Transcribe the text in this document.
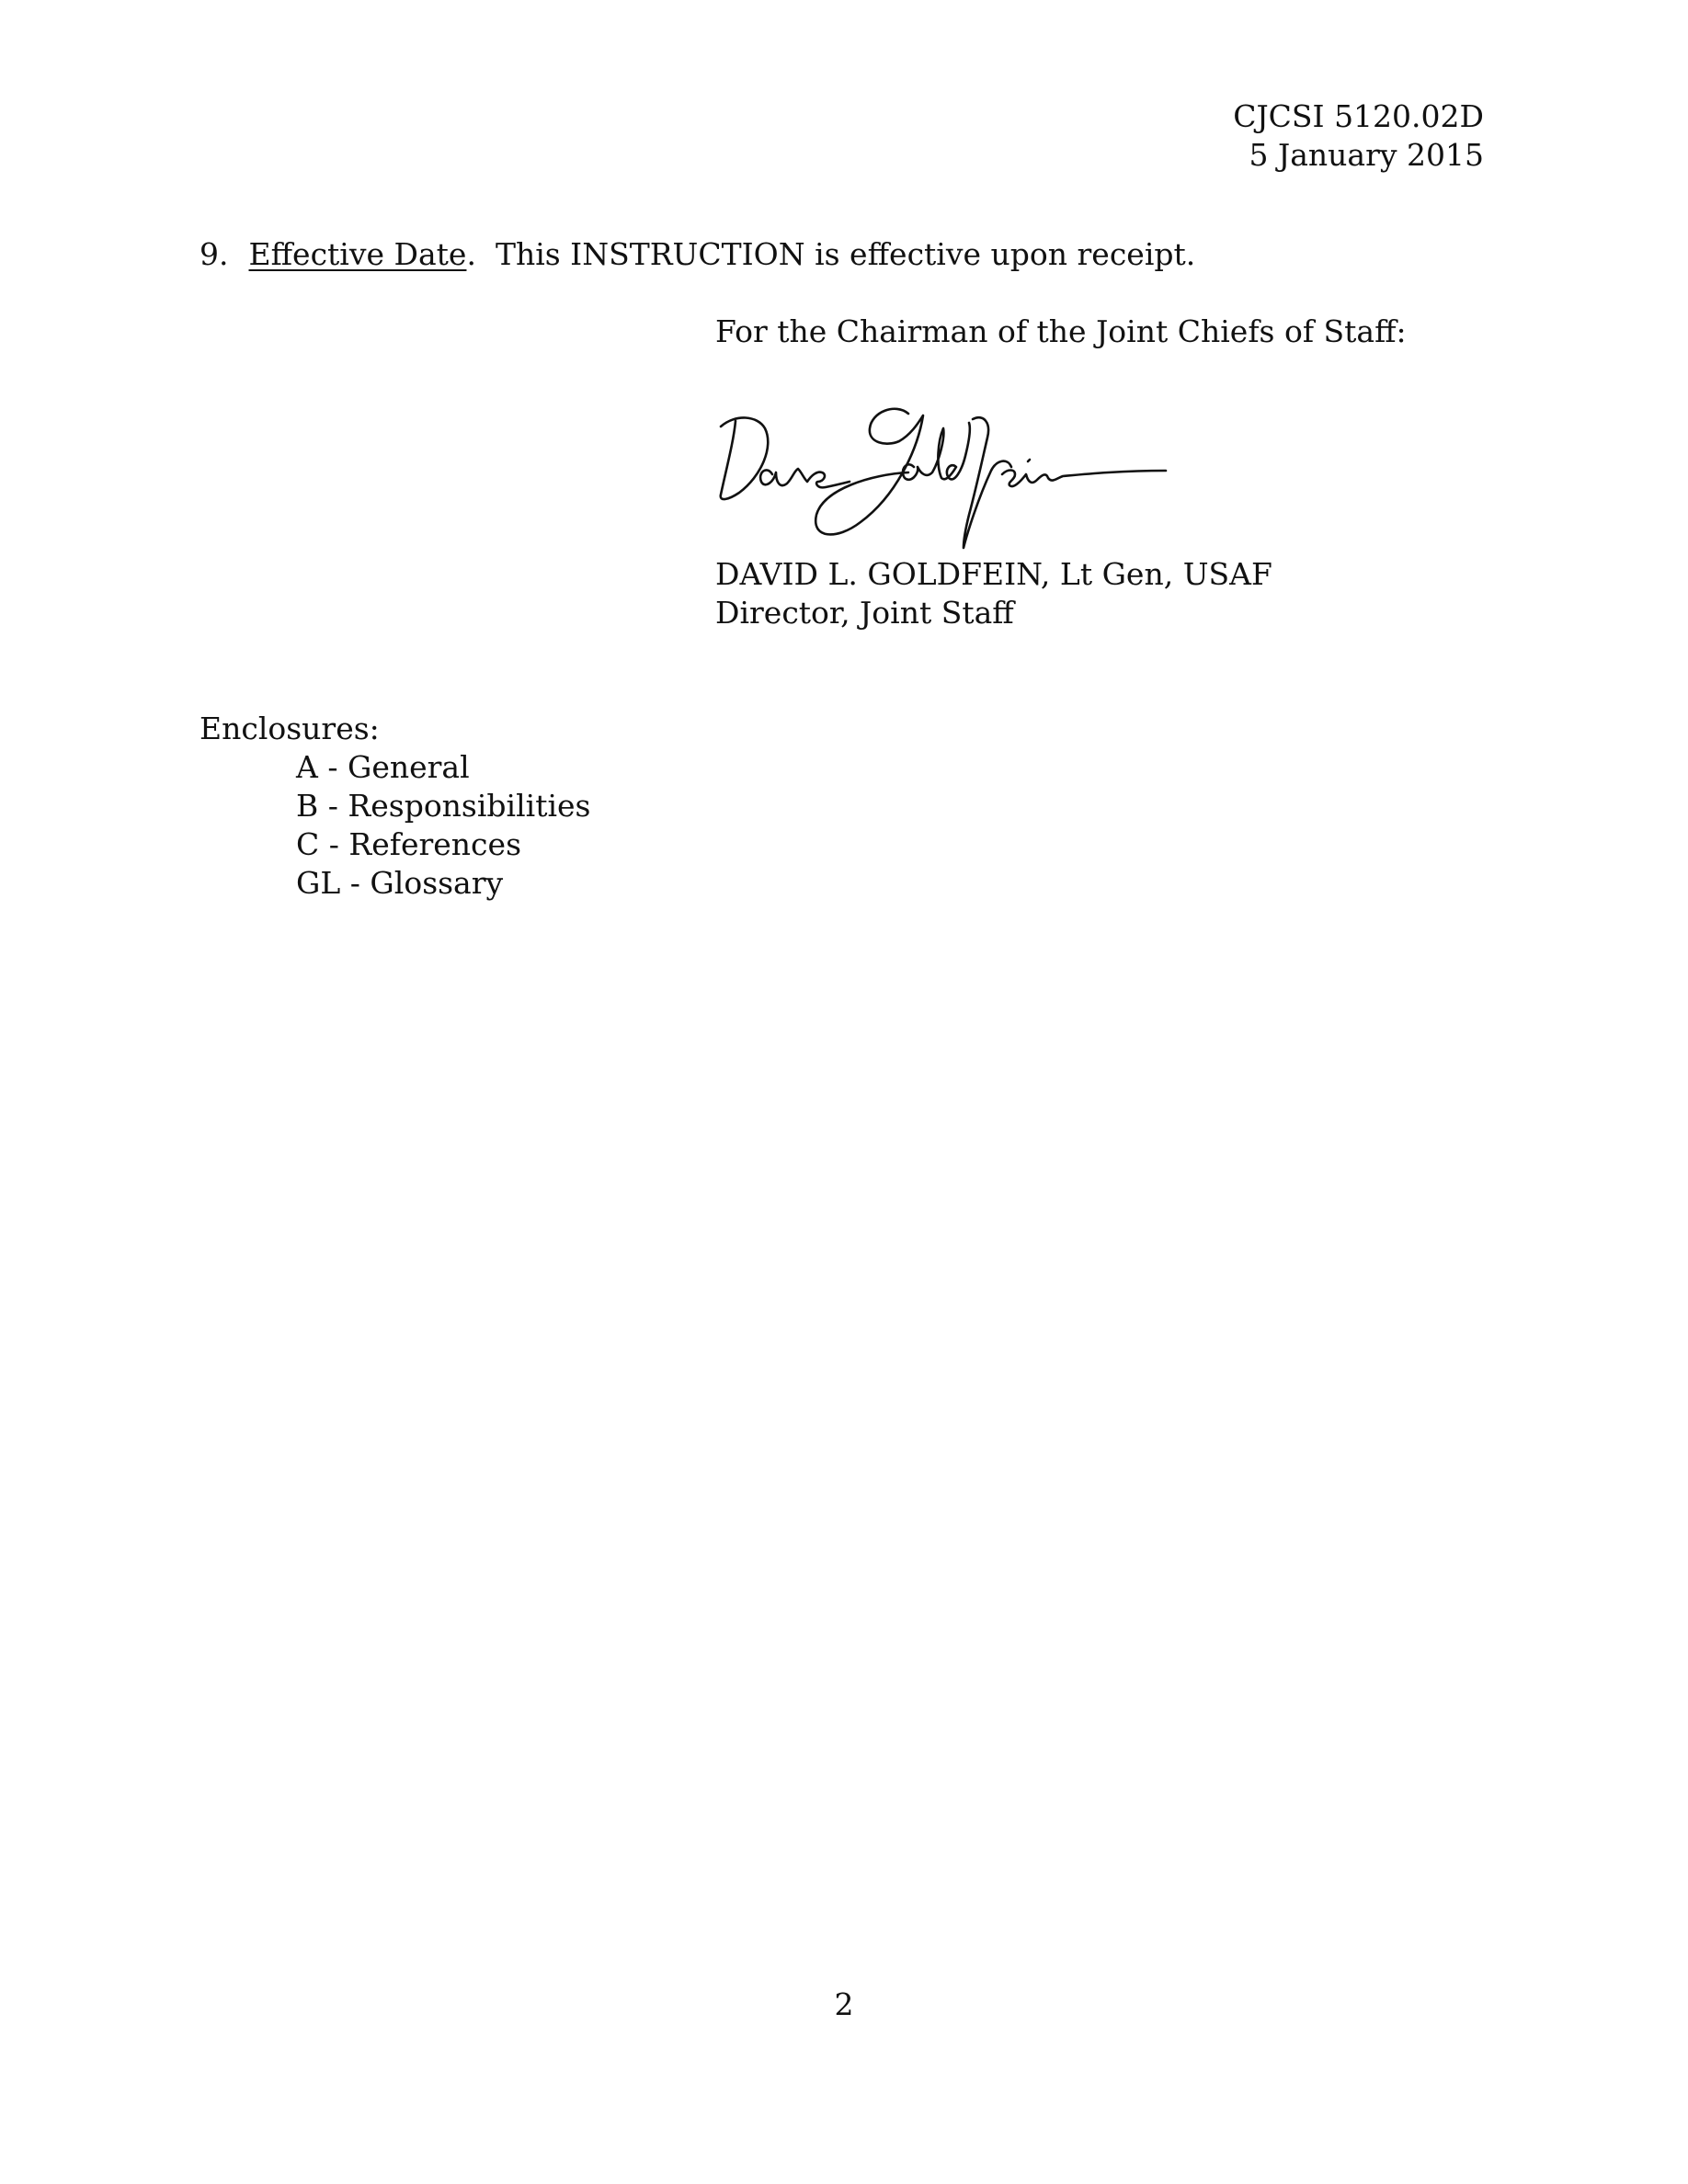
CJCSI 5120.02D
5 January 2015
9. Effective Date. This INSTRUCTION is effective upon receipt.
For the Chairman of the Joint Chiefs of Staff:
DAVID L. GOLDFEIN, Lt Gen, USAF
Director, Joint Staff
Enclosures:
A - General
B - Responsibilities
C - References
GL - Glossary
2
